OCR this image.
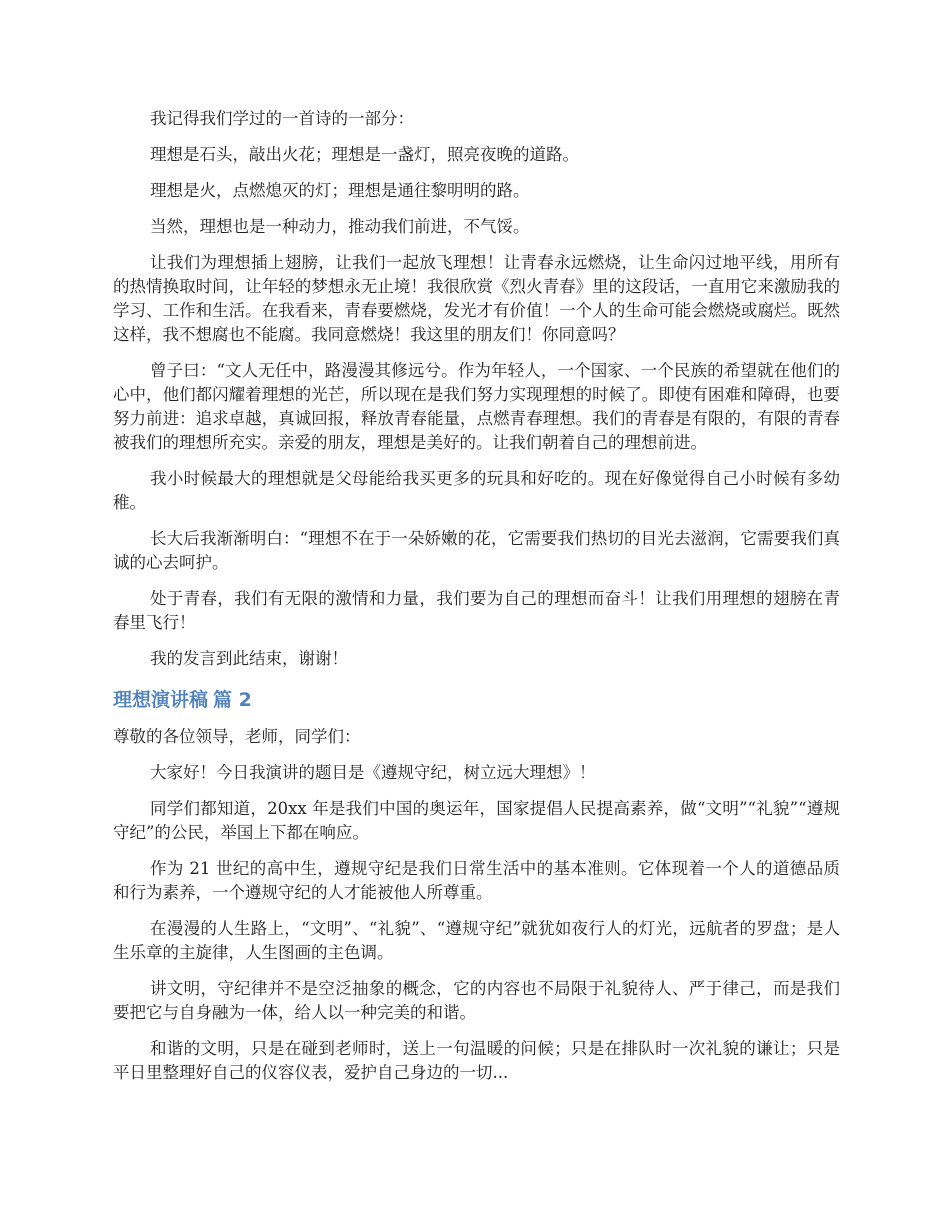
我记得我们学过的一首诗的一部分：

理想是石头，敲出火花；理想是一盏灯，照亮夜晚的道路。

理想是火，点燃熄灭的灯；理想是通往黎明明的路。

当然，理想也是一种动力，推动我们前进，不气馁。

让我们为理想插上翅膀，让我们一起放飞理想！让青春永远燃烧，让生命闪过地平线，用所有的热情换取时间，让年轻的梦想永无止境！我很欣赏《烈火青春》里的这段话，一直用它来激励我的学习、工作和生活。在我看来，青春要燃烧，发光才有价值！一个人的生命可能会燃烧或腐烂。既然这样，我不想腐也不能腐。我同意燃烧！我这里的朋友们！你同意吗？

曾子曰：“文人无任中，路漫漫其修远兮。作为年轻人，一个国家、一个民族的希望就在他们的心中，他们都闪耀着理想的光芒，所以现在是我们努力实现理想的时候了。即使有困难和障碍，也要努力前进：追求卓越，真诚回报，释放青春能量，点燃青春理想。我们的青春是有限的，有限的青春被我们的理想所充实。亲爱的朋友，理想是美好的。让我们朝着自己的理想前进。

我小时候最大的理想就是父母能给我买更多的玩具和好吃的。现在好像觉得自己小时候有多幼稚。

长大后我渐渐明白：“理想不在于一朵娇嫩的花，它需要我们热切的目光去滋润，它需要我们真诚的心去呵护。

处于青春，我们有无限的激情和力量，我们要为自己的理想而奋斗！让我们用理想的翅膀在青春里飞行！

我的发言到此结束，谢谢！

理想演讲稿 篇 2

尊敬的各位领导，老师，同学们：

大家好！今日我演讲的题目是《遵规守纪，树立远大理想》！

同学们都知道，20xx 年是我们中国的奥运年，国家提倡人民提高素养，做“文明”“礼貌”“遵规守纪”的公民，举国上下都在响应。

作为 21 世纪的高中生，遵规守纪是我们日常生活中的基本准则。它体现着一个人的道德品质和行为素养，一个遵规守纪的人才能被他人所尊重。

在漫漫的人生路上，“文明”、“礼貌”、“遵规守纪”就犹如夜行人的灯光，远航者的罗盘；是人生乐章的主旋律，人生图画的主色调。

讲文明，守纪律并不是空泛抽象的概念，它的内容也不局限于礼貌待人、严于律己，而是我们要把它与自身融为一体，给人以一种完美的和谐。

和谐的文明，只是在碰到老师时，送上一句温暖的问候；只是在排队时一次礼貌的谦让；只是平日里整理好自己的仪容仪表，爱护自己身边的一切...
